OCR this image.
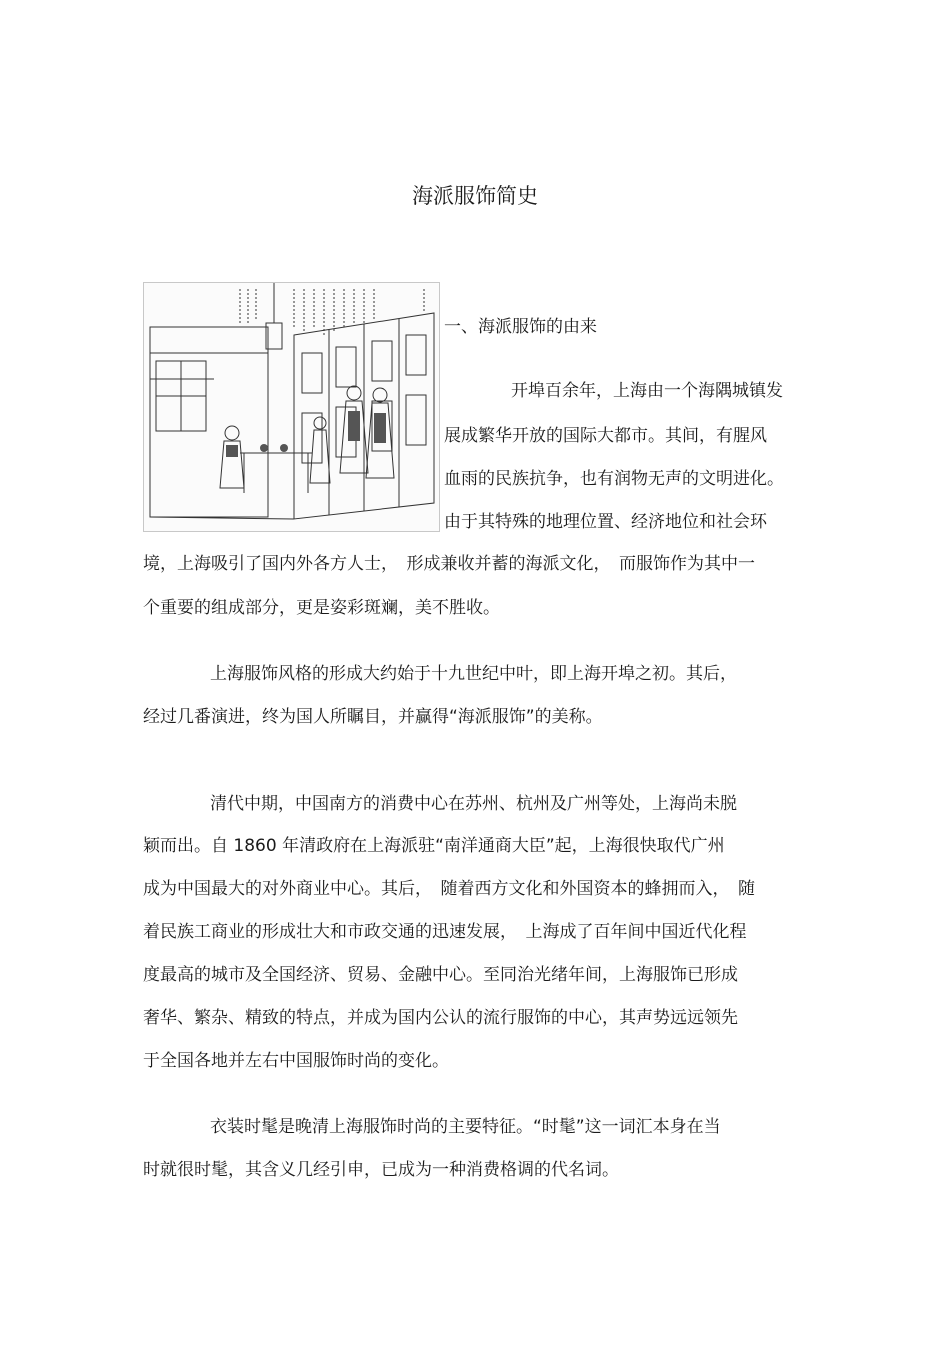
海派服饰简史
一、海派服饰的由来
开埠百余年，上海由一个海隅城镇发
展成繁华开放的国际大都市。其间，有腥风
血雨的民族抗争，也有润物无声的文明进化。
由于其特殊的地理位置、经济地位和社会环
境，上海吸引了国内外各方人士，　形成兼收并蓄的海派文化，　而服饰作为其中一
个重要的组成部分，更是姿彩斑斓，美不胜收。
上海服饰风格的形成大约始于十九世纪中叶，即上海开埠之初。其后，
经过几番演进，终为国人所瞩目，并赢得“海派服饰”的美称。
清代中期，中国南方的消费中心在苏州、杭州及广州等处，上海尚未脱
颖而出。自 1860 年清政府在上海派驻“南洋通商大臣”起，上海很快取代广州
成为中国最大的对外商业中心。其后，　随着西方文化和外国资本的蜂拥而入，　随
着民族工商业的形成壮大和市政交通的迅速发展，　上海成了百年间中国近代化程
度最高的城市及全国经济、贸易、金融中心。至同治光绪年间，上海服饰已形成
奢华、繁杂、精致的特点，并成为国内公认的流行服饰的中心，其声势远远领先
于全国各地并左右中国服饰时尚的变化。
衣装时髦是晚清上海服饰时尚的主要特征。“时髦”这一词汇本身在当
时就很时髦，其含义几经引申，已成为一种消费格调的代名词。
